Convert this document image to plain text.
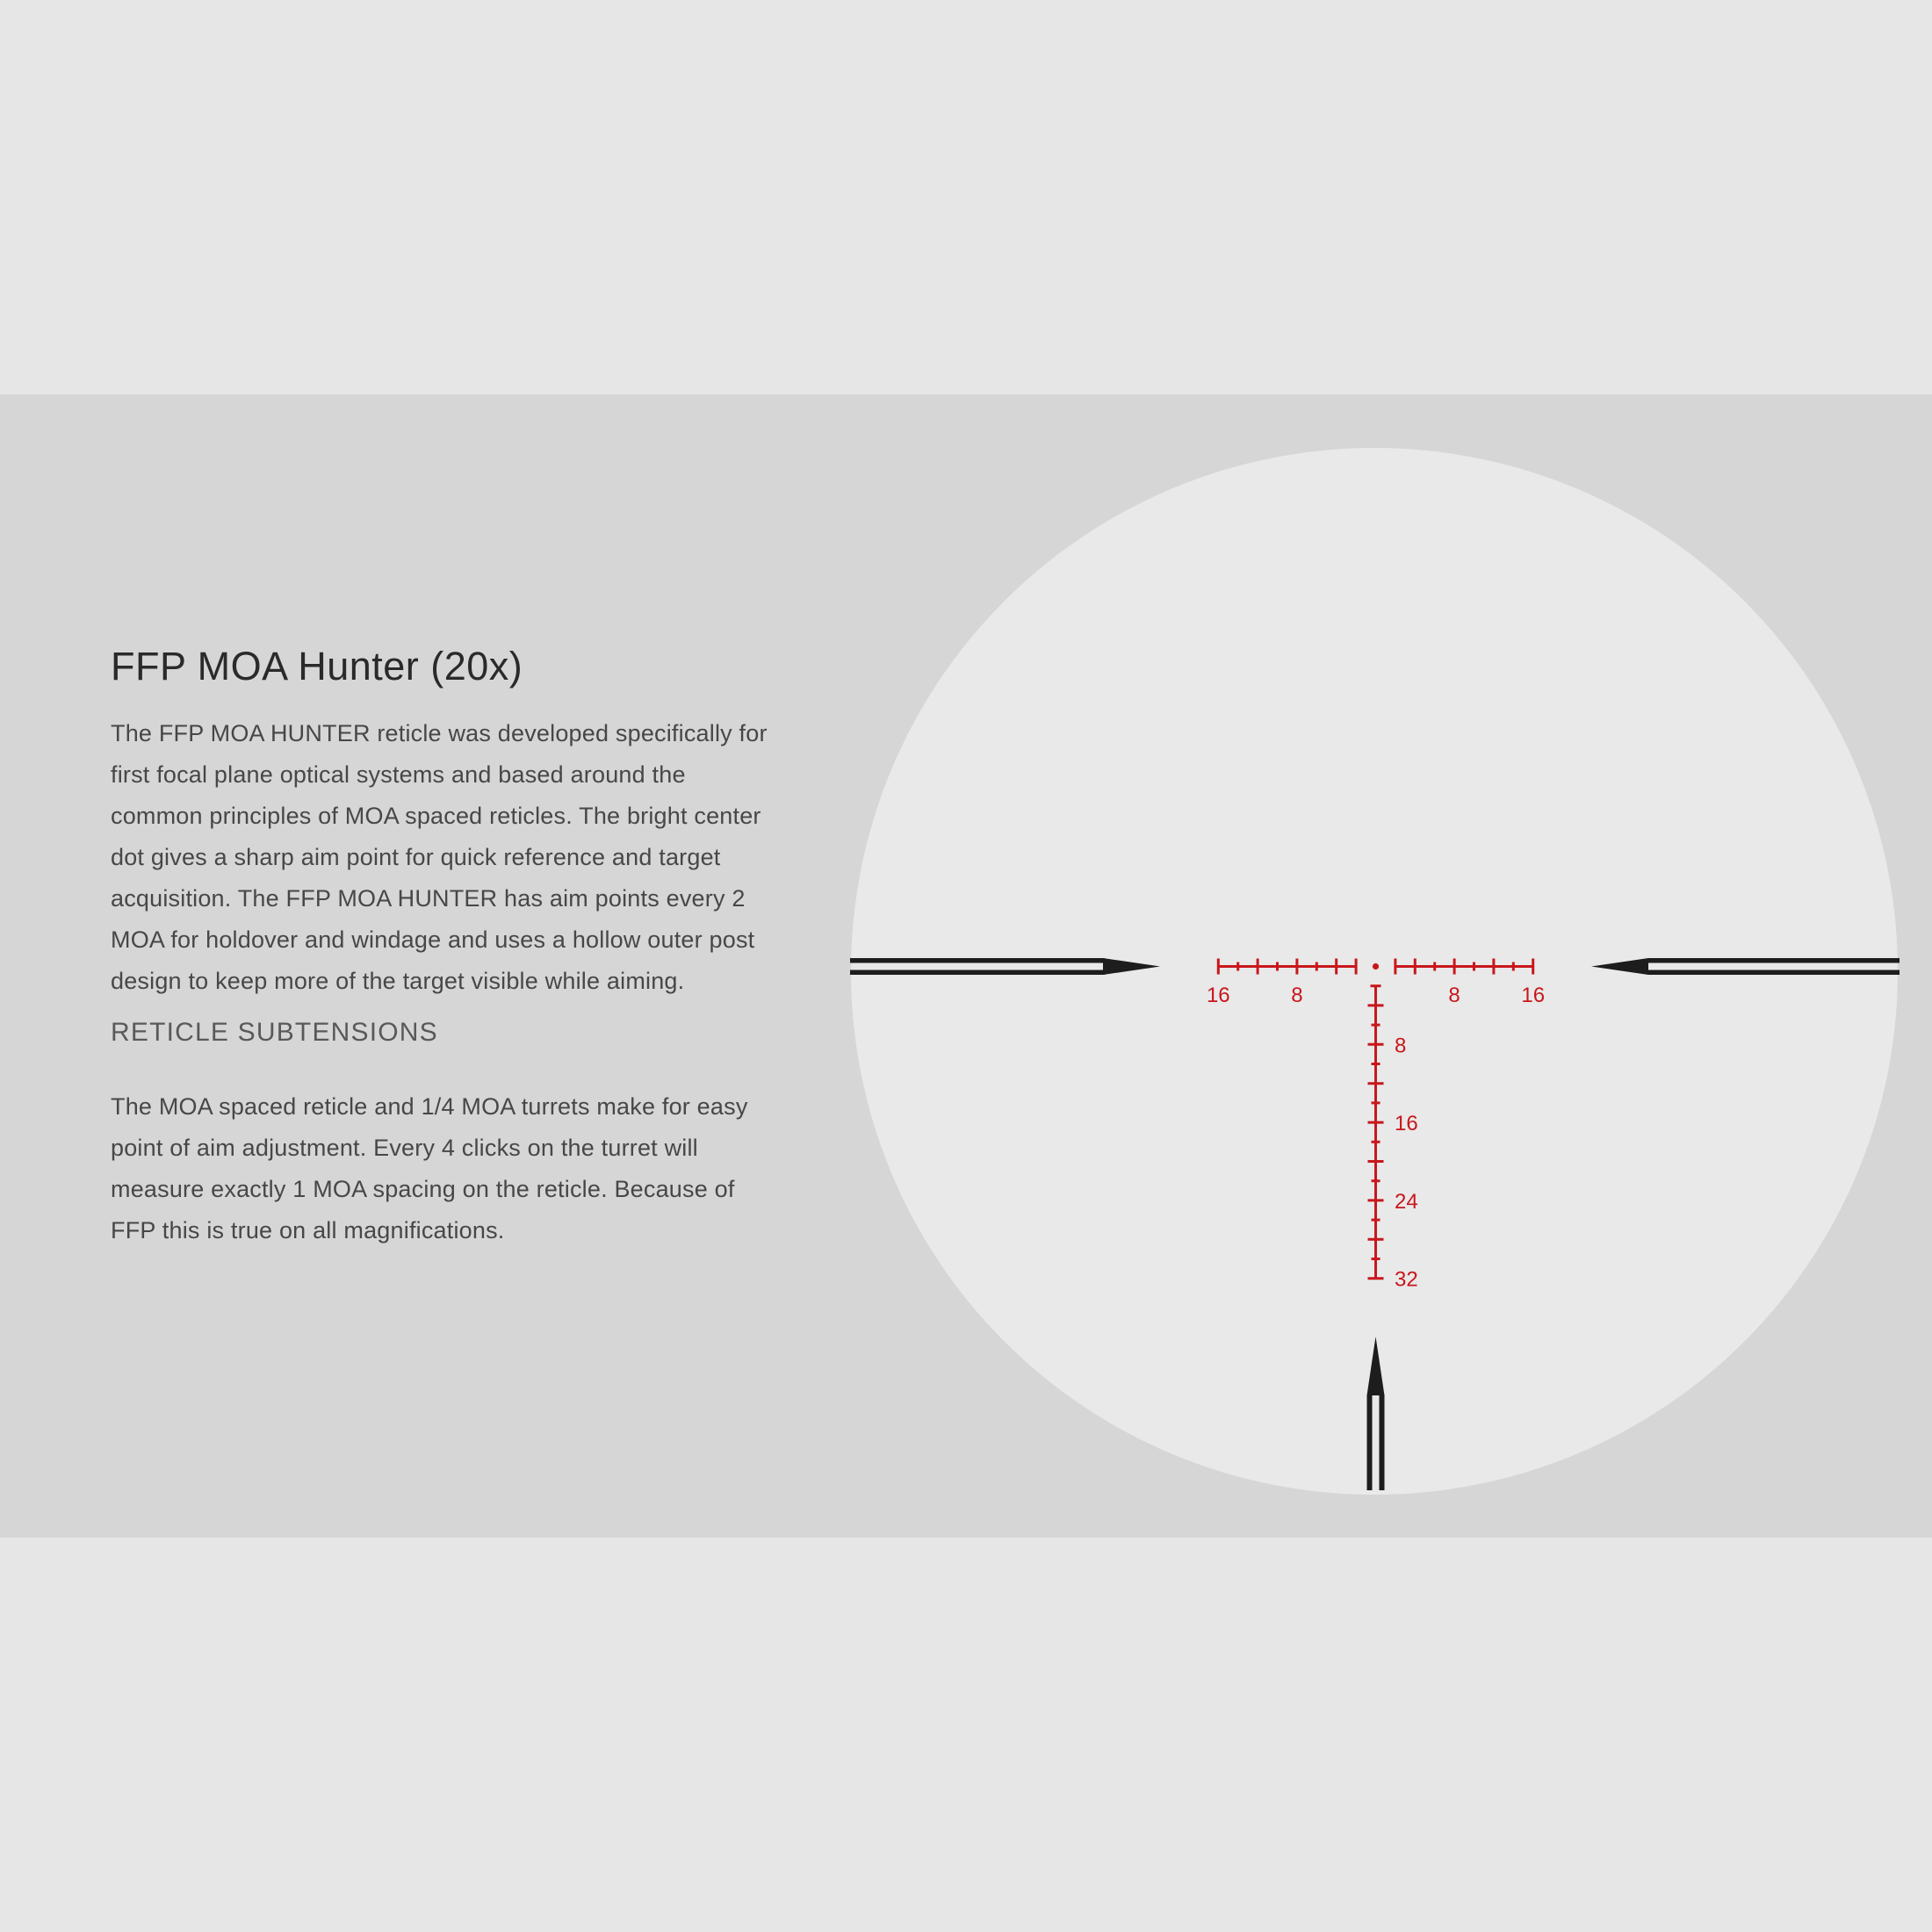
16	8	8	16
8
16
24
32
FFP MOA Hunter (20x)

The FFP MOA HUNTER reticle was developed specifically for first focal plane optical systems and based around the common principles of MOA spaced reticles. The bright center dot gives a sharp aim point for quick reference and target acquisition. The FFP MOA HUNTER has aim points every 2 MOA for holdover and windage and uses a hollow outer post design to keep more of the target visible while aiming.

RETICLE SUBTENSIONS

The MOA spaced reticle and 1/4 MOA turrets make for easy point of aim adjustment. Every 4 clicks on the turret will measure exactly 1 MOA spacing on the reticle. Because of FFP this is true on all magnifications.
